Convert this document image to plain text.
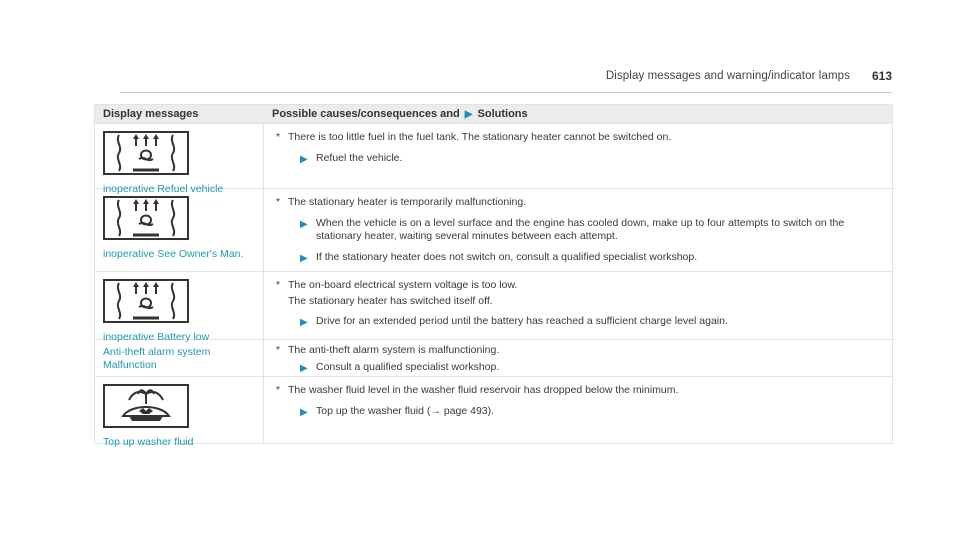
Display messages and warning/indicator lamps 613
Display messages	Possible causes/consequences and ▶ Solutions
inoperative Refuel vehicle
* There is too little fuel in the fuel tank. The stationary heater cannot be switched on.
▶ Refuel the vehicle.
inoperative See Owner's Man.
* The stationary heater is temporarily malfunctioning.
▶ When the vehicle is on a level surface and the engine has cooled down, make up to four attempts to switch on the stationary heater, waiting several minutes between each attempt.
▶ If the stationary heater does not switch on, consult a qualified specialist workshop.
inoperative Battery low
* The on-board electrical system voltage is too low.
The stationary heater has switched itself off.
▶ Drive for an extended period until the battery has reached a sufficient charge level again.
Anti-theft alarm system Malfunction
* The anti-theft alarm system is malfunctioning.
▶ Consult a qualified specialist workshop.
Top up washer fluid
* The washer fluid level in the washer fluid reservoir has dropped below the minimum.
▶ Top up the washer fluid (→ page 493).
